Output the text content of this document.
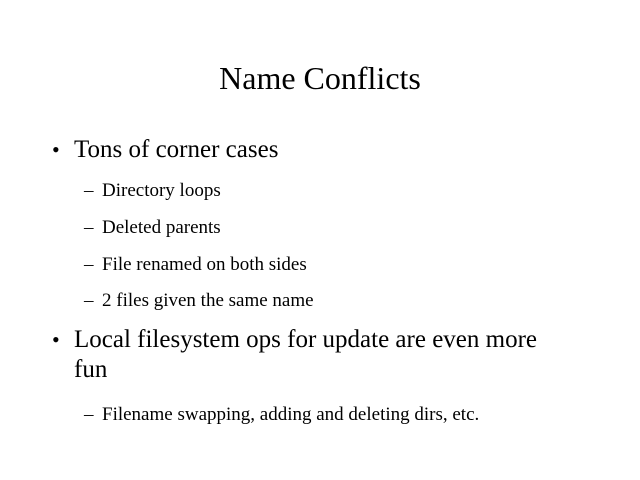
Name Conflicts
• Tons of corner cases
– Directory loops
– Deleted parents
– File renamed on both sides
– 2 files given the same name
• Local filesystem ops for update are even more fun
– Filename swapping, adding and deleting dirs, etc.
